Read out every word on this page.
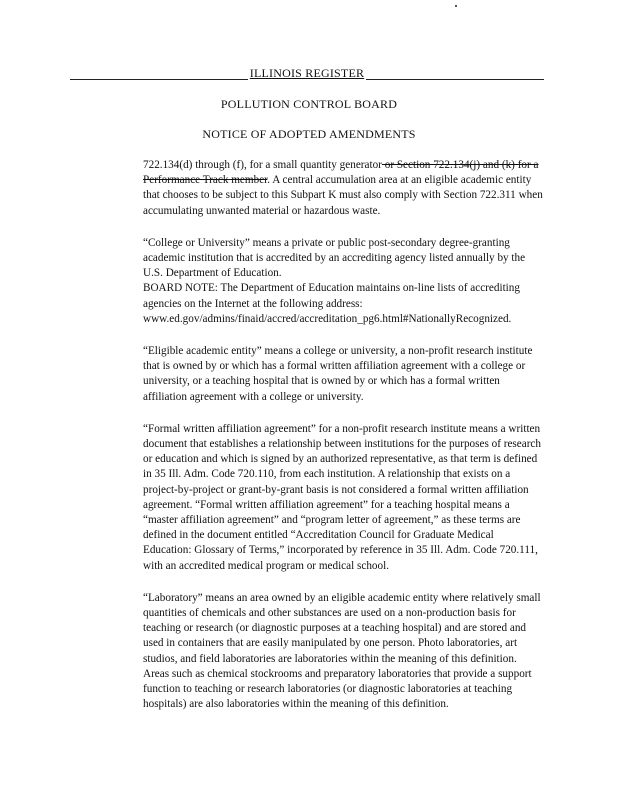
ILLINOIS REGISTER
POLLUTION CONTROL BOARD
NOTICE OF ADOPTED AMENDMENTS

722.134(d) through (f), for a small quantity generator or Section 722.134(j) and (k) for a Performance Track member. A central accumulation area at an eligible academic entity that chooses to be subject to this Subpart K must also comply with Section 722.311 when accumulating unwanted material or hazardous waste.

“College or University” means a private or public post-secondary degree-granting academic institution that is accredited by an accrediting agency listed annually by the U.S. Department of Education.
BOARD NOTE: The Department of Education maintains on-line lists of accrediting agencies on the Internet at the following address: www.ed.gov/admins/finaid/accred/accreditation_pg6.html#NationallyRecognized.

“Eligible academic entity” means a college or university, a non-profit research institute that is owned by or which has a formal written affiliation agreement with a college or university, or a teaching hospital that is owned by or which has a formal written affiliation agreement with a college or university.

“Formal written affiliation agreement” for a non-profit research institute means a written document that establishes a relationship between institutions for the purposes of research or education and which is signed by an authorized representative, as that term is defined in 35 Ill. Adm. Code 720.110, from each institution. A relationship that exists on a project-by-project or grant-by-grant basis is not considered a formal written affiliation agreement. “Formal written affiliation agreement” for a teaching hospital means a “master affiliation agreement” and “program letter of agreement,” as these terms are defined in the document entitled “Accreditation Council for Graduate Medical Education: Glossary of Terms,” incorporated by reference in 35 Ill. Adm. Code 720.111, with an accredited medical program or medical school.

“Laboratory” means an area owned by an eligible academic entity where relatively small quantities of chemicals and other substances are used on a non-production basis for teaching or research (or diagnostic purposes at a teaching hospital) and are stored and used in containers that are easily manipulated by one person. Photo laboratories, art studios, and field laboratories are laboratories within the meaning of this definition. Areas such as chemical stockrooms and preparatory laboratories that provide a support function to teaching or research laboratories (or diagnostic laboratories at teaching hospitals) are also laboratories within the meaning of this definition.
